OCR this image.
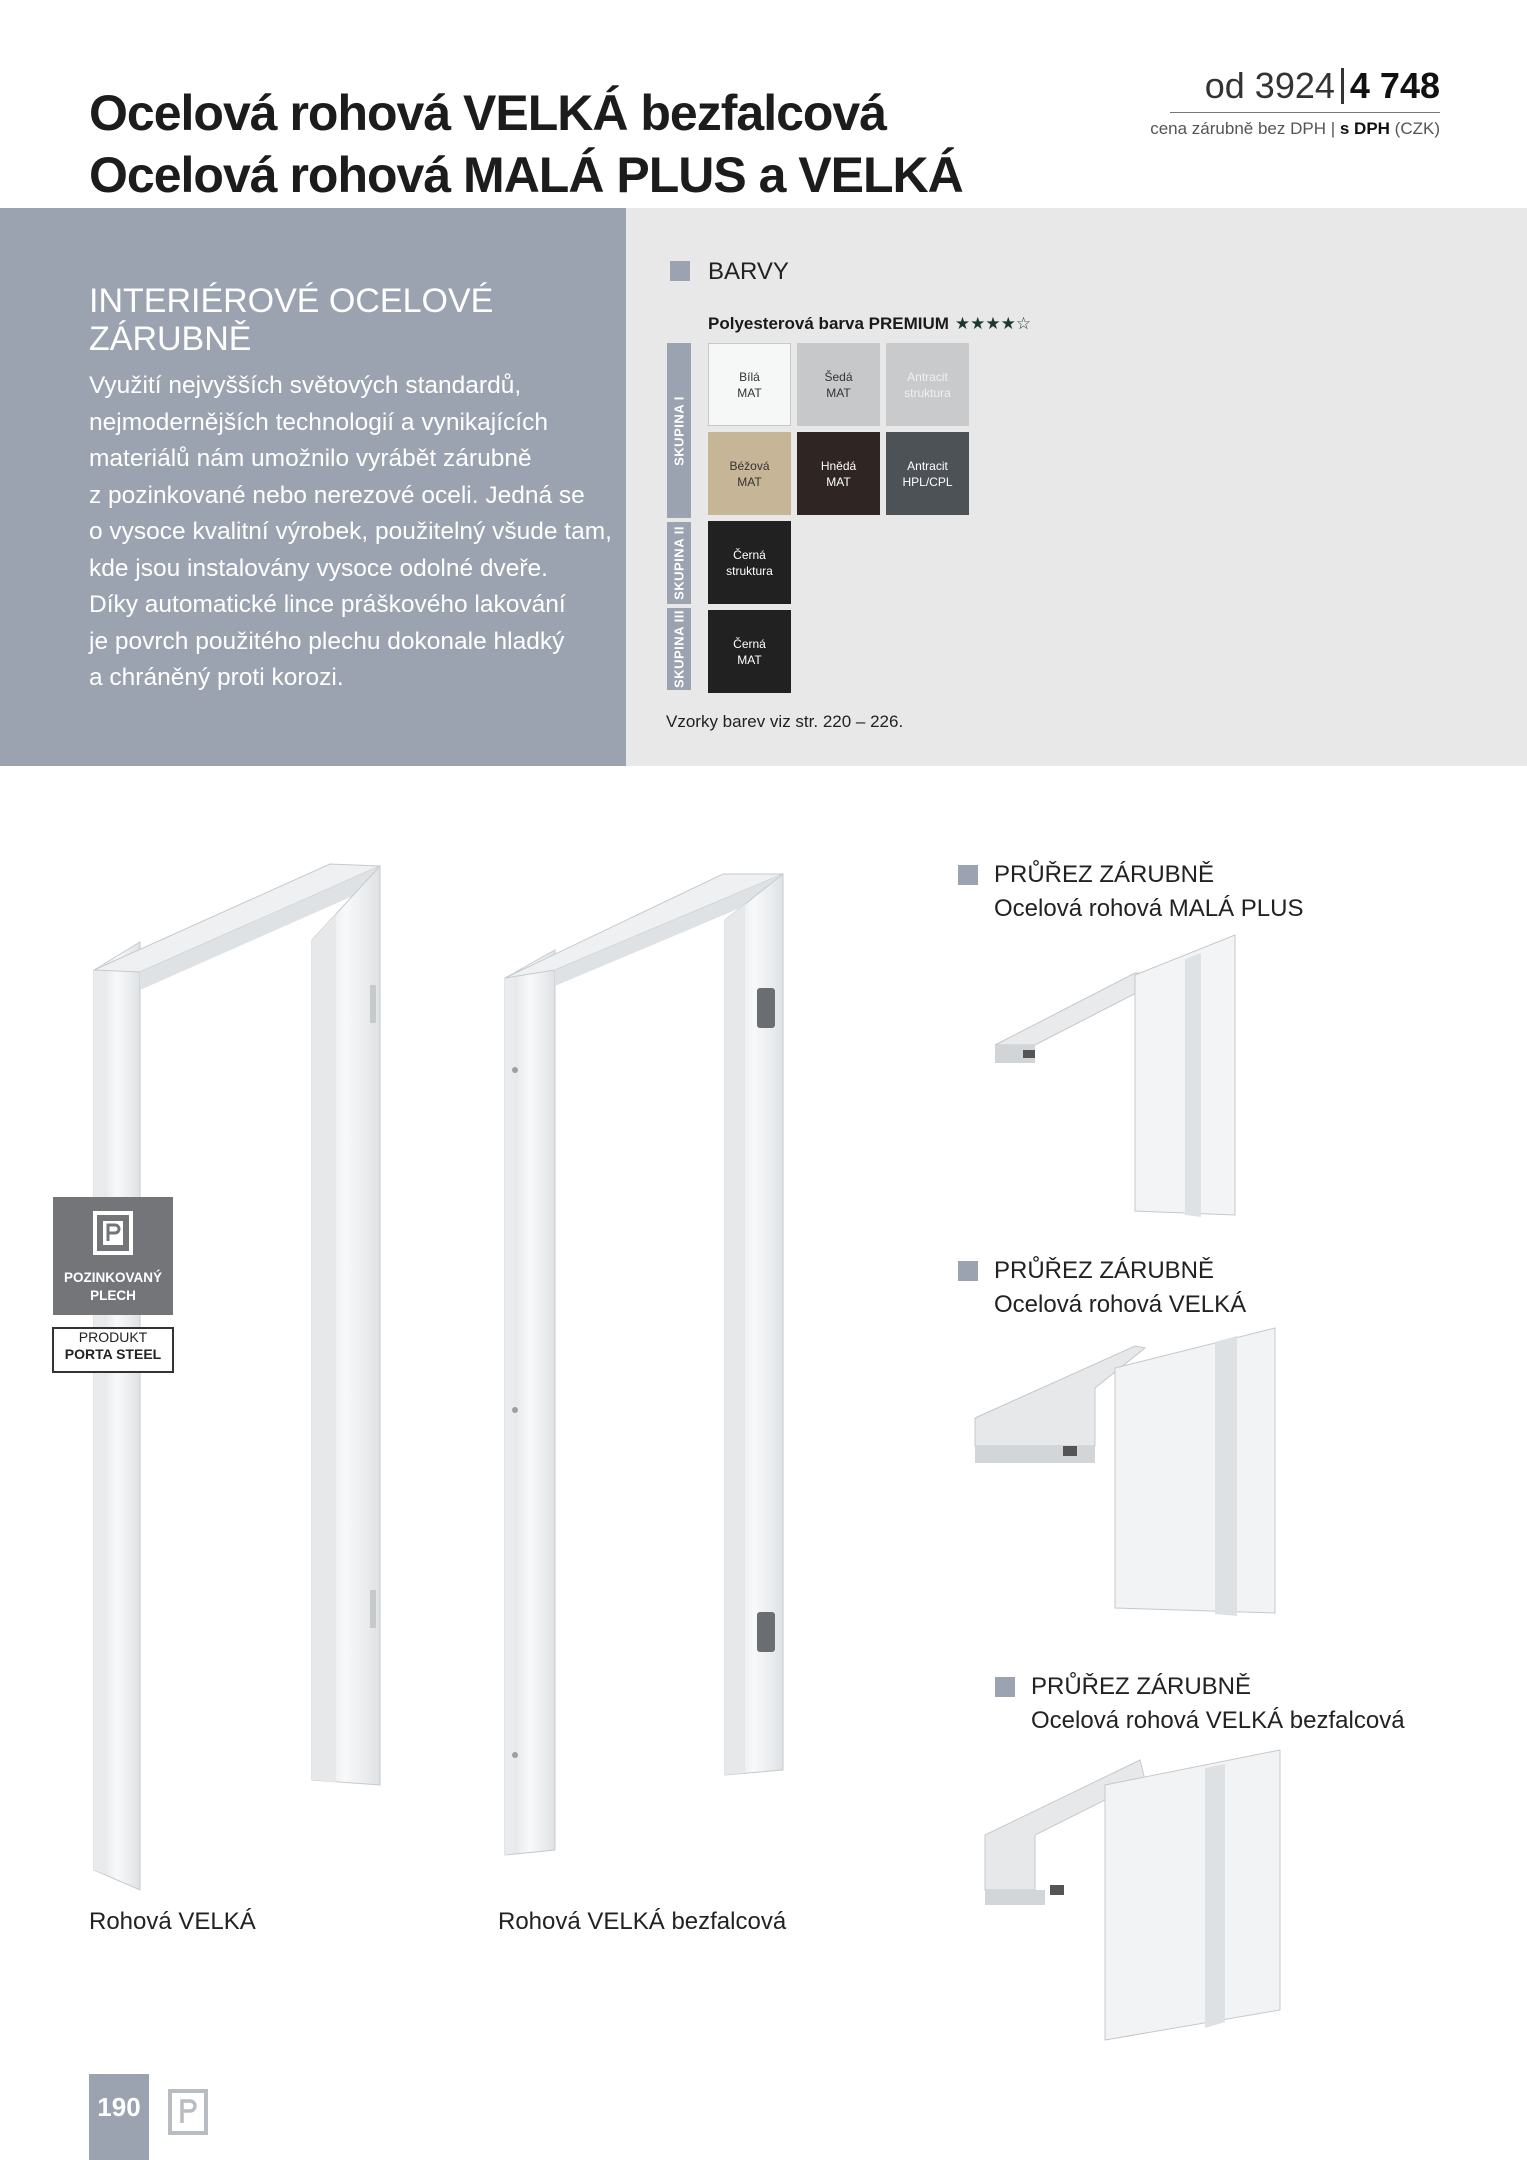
Ocelová rohová VELKÁ bezfalcová
Ocelová rohová MALÁ PLUS a VELKÁ
od 3924 4 748
cena zárubně bez DPH | s DPH (CZK)
INTERIÉROVÉ OCELOVÉ
ZÁRUBNĚ
Využití nejvyšších světových standardů,
nejmodernějších technologií a vynikajících
materiálů nám umožnilo vyrábět zárubně
z pozinkované nebo nerezové oceli. Jedná se
o vysoce kvalitní výrobek, použitelný všude tam,
kde jsou instalovány vysoce odolné dveře.
Díky automatické lince práškového lakování
je povrch použitého plechu dokonale hladký
a chráněný proti korozi.
BARVY
Polyesterová barva PREMIUM ★★★★☆
SKUPINA I
SKUPINA II
SKUPINA III
Bílá
MAT
Šedá
MAT
Antracit
struktura
Béžová
MAT
Hnědá
MAT
Antracit
HPL/CPL
Černá
struktura
Černá
MAT
Vzorky barev viz str. 220 – 226.
PRŮŘEZ ZÁRUBNĚ
Ocelová rohová MALÁ PLUS
PRŮŘEZ ZÁRUBNĚ
Ocelová rohová VELKÁ
PRŮŘEZ ZÁRUBNĚ
Ocelová rohová VELKÁ bezfalcová
Rohová VELKÁ	Rohová VELKÁ bezfalcová
POZINKOVANÝ
PLECH
PRODUKT
PORTA STEEL
190
